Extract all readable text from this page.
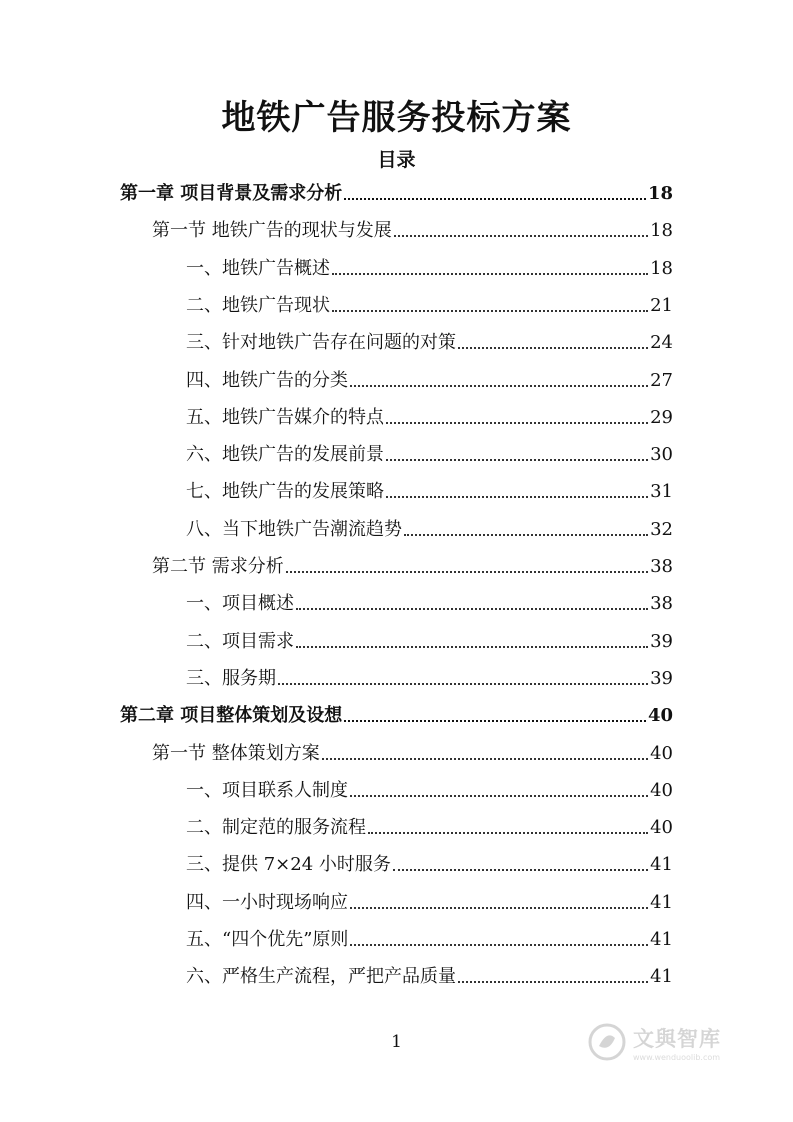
地铁广告服务投标方案
目录
第一章 项目背景及需求分析	18
第一节 地铁广告的现状与发展	18
一、地铁广告概述	18
二、地铁广告现状	21
三、针对地铁广告存在问题的对策	24
四、地铁广告的分类	27
五、地铁广告媒介的特点	29
六、地铁广告的发展前景	30
七、地铁广告的发展策略	31
八、当下地铁广告潮流趋势	32
第二节 需求分析	38
一、项目概述	38
二、项目需求	39
三、服务期	39
第二章 项目整体策划及设想	40
第一节 整体策划方案	40
一、项目联系人制度	40
二、制定范的服务流程	40
三、提供 7×24 小时服务	41
四、一小时现场响应	41
五、“四个优先”原则	41
六、严格生产流程，严把产品质量	41
1	文與智库
www.wenduoolib.com
